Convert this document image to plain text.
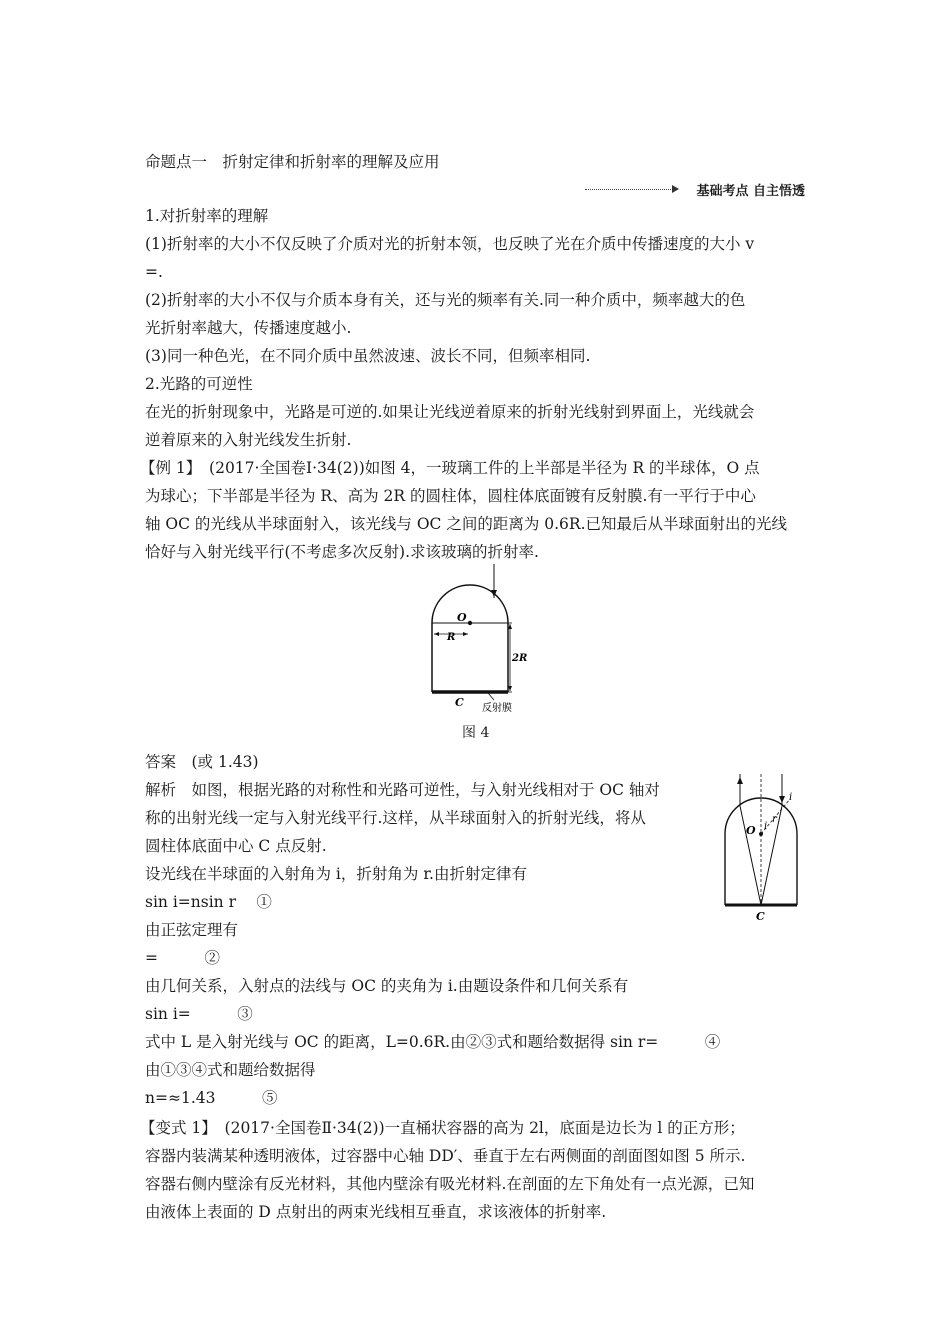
命题点一　折射定律和折射率的理解及应用
基础考点 自主悟透
1.对折射率的理解
(1)折射率的大小不仅反映了介质对光的折射本领，也反映了光在介质中传播速度的大小 v
=.
(2)折射率的大小不仅与介质本身有关，还与光的频率有关.同一种介质中，频率越大的色
光折射率越大，传播速度越小.
(3)同一种色光，在不同介质中虽然波速、波长不同，但频率相同.
2.光路的可逆性
在光的折射现象中，光路是可逆的.如果让光线逆着原来的折射光线射到界面上，光线就会
逆着原来的入射光线发生折射.
【例 1】　(2017·全国卷Ⅰ·34(2))如图 4，一玻璃工件的上半部是半径为 R 的半球体，O 点
为球心；下半部是半径为 R、高为 2R 的圆柱体，圆柱体底面镀有反射膜.有一平行于中心
轴 OC 的光线从半球面射入，该光线与 OC 之间的距离为 0.6R.已知最后从半球面射出的光线
恰好与入射光线平行(不考虑多次反射).求该玻璃的折射率.
O
R
2R
C 反射膜
图 4
答案　(或 1.43)
解析　如图，根据光路的对称性和光路可逆性，与入射光线相对于 OC 轴对
称的出射光线一定与入射光线平行.这样，从半球面射入的折射光线，将从
圆柱体底面中心 C 点反射.
设光线在半球面的入射角为 i，折射角为 r.由折射定律有
sin i=nsin r　 ①
由正弦定理有
=　　　②
由几何关系，入射点的法线与 OC 的夹角为 i.由题设条件和几何关系有
sin i=　　　③
式中 L 是入射光线与 OC 的距离，L=0.6R.由②③式和题给数据得 sin r=　　　④
由①③④式和题给数据得
n=≈1.43　　　⑤
O i
r
i
C
【变式 1】　(2017·全国卷Ⅱ·34(2))一直桶状容器的高为 2l，底面是边长为 l 的正方形；
容器内装满某种透明液体，过容器中心轴 DD′、垂直于左右两侧面的剖面图如图 5 所示.
容器右侧内壁涂有反光材料，其他内壁涂有吸光材料.在剖面的左下角处有一点光源，已知
由液体上表面的 D 点射出的两束光线相互垂直，求该液体的折射率.
